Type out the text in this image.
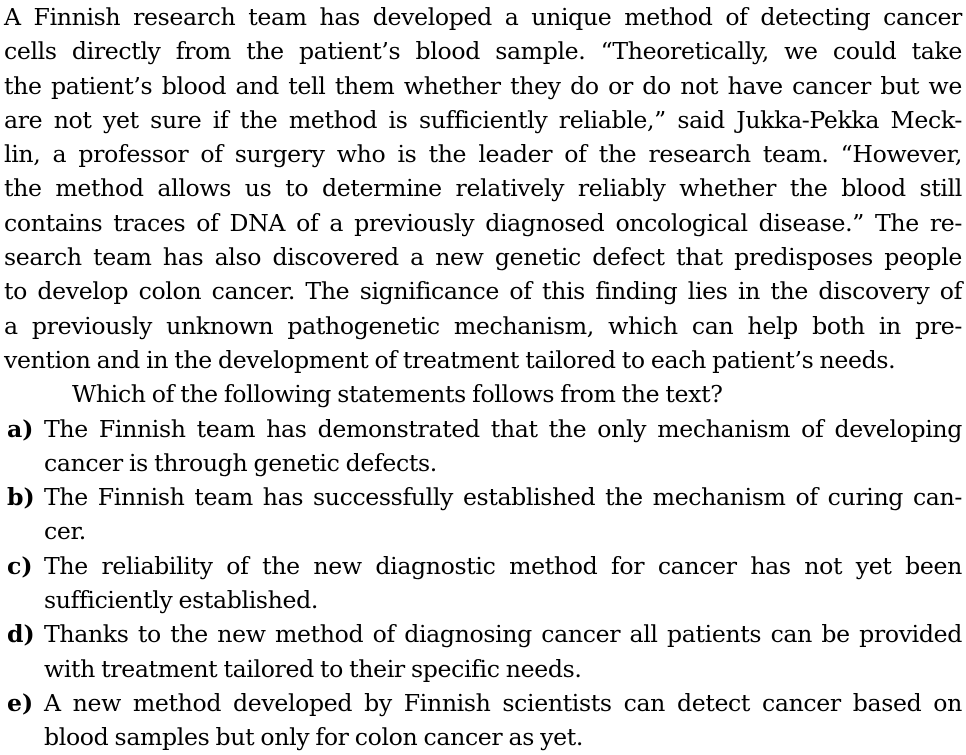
A Finnish research team has developed a unique method of detecting cancer
cells directly from the patient’s blood sample. “Theoretically, we could take
the patient’s blood and tell them whether they do or do not have cancer but we
are not yet sure if the method is sufficiently reliable,” said Jukka-Pekka Meck-
lin, a professor of surgery who is the leader of the research team. “However,
the method allows us to determine relatively reliably whether the blood still
contains traces of DNA of a previously diagnosed oncological disease.” The re-
search team has also discovered a new genetic defect that predisposes people
to develop colon cancer. The significance of this finding lies in the discovery of
a previously unknown pathogenetic mechanism, which can help both in pre-
vention and in the development of treatment tailored to each patient’s needs.
Which of the following statements follows from the text?
a) The Finnish team has demonstrated that the only mechanism of developing
cancer is through genetic defects.
b) The Finnish team has successfully established the mechanism of curing can-
cer.
c) The reliability of the new diagnostic method for cancer has not yet been
sufficiently established.
d) Thanks to the new method of diagnosing cancer all patients can be provided
with treatment tailored to their specific needs.
e) A new method developed by Finnish scientists can detect cancer based on
blood samples but only for colon cancer as yet.
